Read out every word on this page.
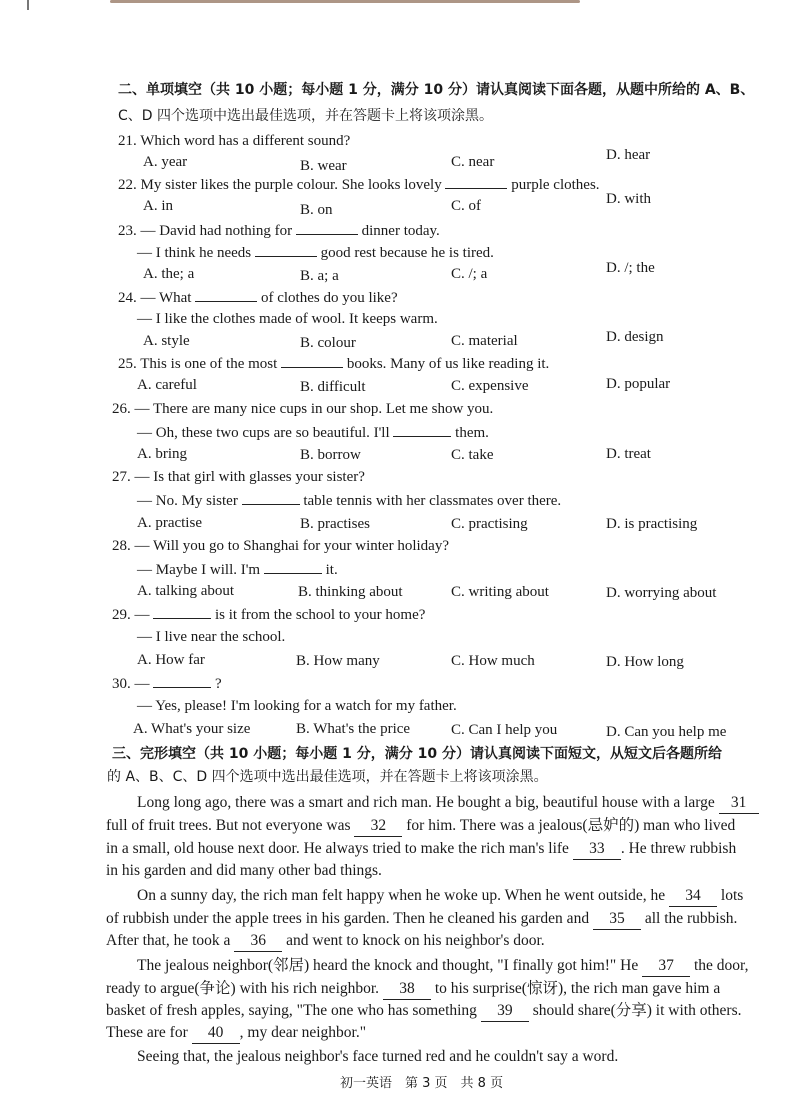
二、单项填空（共 10 小题；每小题 1 分，满分 10 分）请认真阅读下面各题，从题中所给的 A、B、
C、D 四个选项中选出最佳选项，并在答题卡上将该项涂黑。
21. Which word has a different sound?
A. year	B. wear	C. near	D. hear
22. My sister likes the purple colour. She looks lovely	purple clothes.
A. in	B. on	C. of	D. with
23. — David had nothing for	dinner today.
— I think he needs	good rest because he is tired.
A. the; a	B. a; a	C. /; a	D. /; the
24. — What	of clothes do you like?
— I like the clothes made of wool. It keeps warm.
A. style	B. colour	C. material	D. design
25. This is one of the most	books. Many of us like reading it.
A. careful	B. difficult	C. expensive	D. popular
26. — There are many nice cups in our shop. Let me show you.
— Oh, these two cups are so beautiful. I'll	them.
A. bring	B. borrow	C. take	D. treat
27. — Is that girl with glasses your sister?
— No. My sister	table tennis with her classmates over there.
A. practise	B. practises	C. practising	D. is practising
28. — Will you go to Shanghai for your winter holiday?
— Maybe I will. I'm	it.
A. talking about	B. thinking about	C. writing about	D. worrying about
29. —	is it from the school to your home?
— I live near the school.
A. How far	B. How many	C. How much	D. How long
30. —	?
— Yes, please! I'm looking for a watch for my father.
A. What's your size	B. What's the price	C. Can I help you	D. Can you help me
三、完形填空（共 10 小题；每小题 1 分，满分 10 分）请认真阅读下面短文，从短文后各题所给
的 A、B、C、D 四个选项中选出最佳选项，并在答题卡上将该项涂黑。
Long long ago, there was a smart and rich man. He bought a big, beautiful house with a large 31
full of fruit trees. But not everyone was 32 for him. There was a jealous(忌妒的) man who lived
in a small, old house next door. He always tried to make the rich man's life 33 . He threw rubbish
in his garden and did many other bad things.
On a sunny day, the rich man felt happy when he woke up. When he went outside, he 34 lots
of rubbish under the apple trees in his garden. Then he cleaned his garden and 35 all the rubbish.
After that, he took a 36 and went to knock on his neighbor's door.
The jealous neighbor(邻居) heard the knock and thought, "I finally got him!" He 37 the door,
ready to argue(争论) with his rich neighbor. 38 to his surprise(惊讶), the rich man gave him a
basket of fresh apples, saying, "The one who has something 39 should share(分享) it with others.
These are for 40 , my dear neighbor."
Seeing that, the jealous neighbor's face turned red and he couldn't say a word.
初一英语　第 3 页　共 8 页
